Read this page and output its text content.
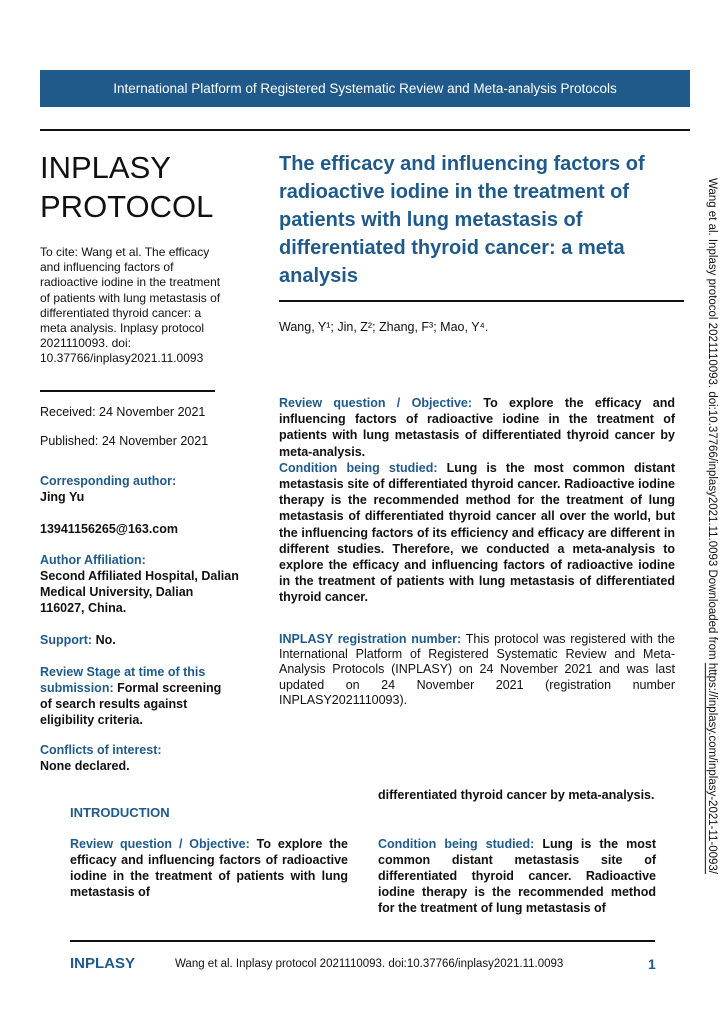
International Platform of Registered Systematic Review and Meta-analysis Protocols
INPLASY
PROTOCOL
To cite: Wang et al. The efficacy and influencing factors of radioactive iodine in the treatment of patients with lung metastasis of differentiated thyroid cancer: a meta analysis. Inplasy protocol 2021110093. doi: 10.37766/inplasy2021.11.0093
Received: 24 November 2021
Published: 24 November 2021
Corresponding author:
Jing Yu
13941156265@163.com
Author Affiliation:
Second Affiliated Hospital, Dalian Medical University, Dalian 116027, China.
Support: No.
Review Stage at time of this submission: Formal screening of search results against eligibility criteria.
Conflicts of interest:
None declared.
The efficacy and influencing factors of radioactive iodine in the treatment of patients with lung metastasis of differentiated thyroid cancer: a meta analysis
Wang, Y¹; Jin, Z²; Zhang, F³; Mao, Y⁴.
Review question / Objective: To explore the efficacy and influencing factors of radioactive iodine in the treatment of patients with lung metastasis of differentiated thyroid cancer by meta-analysis.
Condition being studied: Lung is the most common distant metastasis site of differentiated thyroid cancer. Radioactive iodine therapy is the recommended method for the treatment of lung metastasis of differentiated thyroid cancer all over the world, but the influencing factors of its efficiency and efficacy are different in different studies. Therefore, we conducted a meta-analysis to explore the efficacy and influencing factors of radioactive iodine in the treatment of patients with lung metastasis of differentiated thyroid cancer.
INPLASY registration number: This protocol was registered with the International Platform of Registered Systematic Review and Meta-Analysis Protocols (INPLASY) on 24 November 2021 and was last updated on 24 November 2021 (registration number INPLASY2021110093).
INTRODUCTION
Review question / Objective: To explore the efficacy and influencing factors of radioactive iodine in the treatment of patients with lung metastasis of
differentiated thyroid cancer by meta-analysis.
Condition being studied: Lung is the most common distant metastasis site of differentiated thyroid cancer. Radioactive iodine therapy is the recommended method for the treatment of lung metastasis of
INPLASY	Wang et al. Inplasy protocol 2021110093. doi:10.37766/inplasy2021.11.0093	1
Wang et al. Inplasy protocol 2021110093. doi:10.37766/inplasy2021.11.0093 Downloaded from https://inplasy.com/inplasy-2021-11-0093/
